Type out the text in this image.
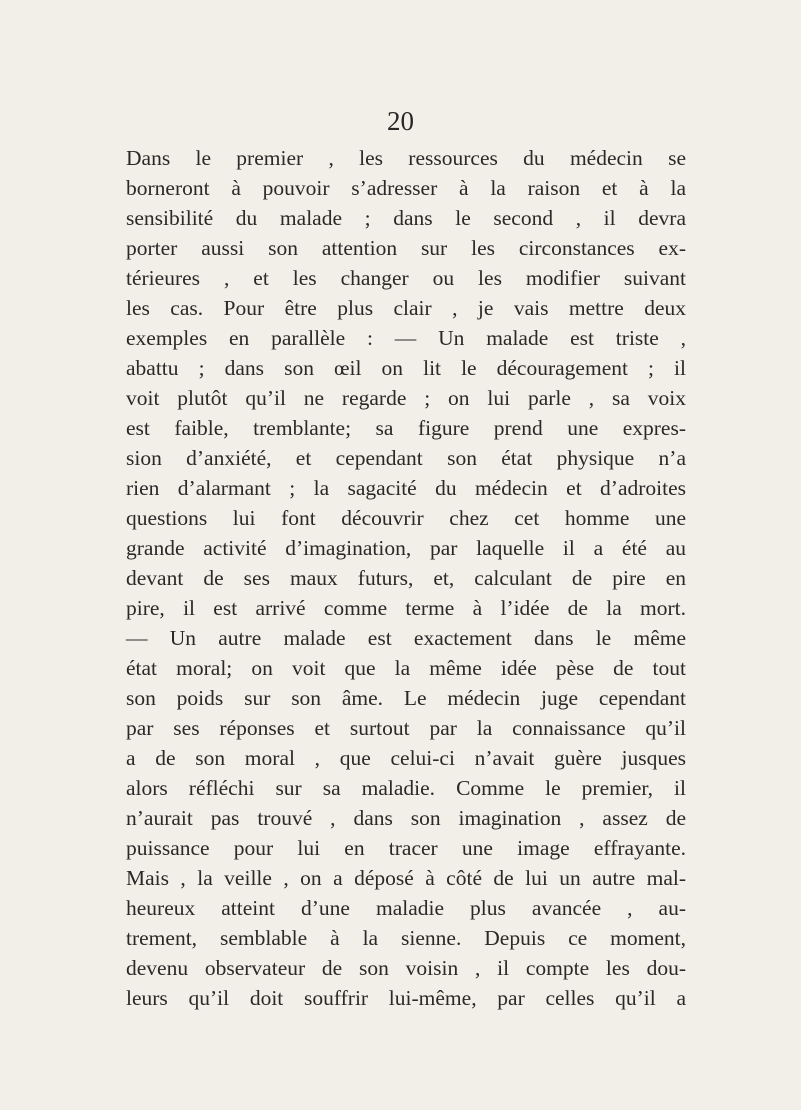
20
Dans le premier , les ressources du médecin se
borneront à pouvoir s’adresser à la raison et à la
sensibilité du malade ; dans le second , il devra
porter aussi son attention sur les circonstances ex-
térieures , et les changer ou les modifier suivant
les cas. Pour être plus clair , je vais mettre deux
exemples en parallèle : — Un malade est triste ,
abattu ; dans son œil on lit le découragement ; il
voit plutôt qu’il ne regarde ; on lui parle , sa voix
est faible, tremblante; sa figure prend une expres-
sion d’anxiété, et cependant son état physique n’a
rien d’alarmant ; la sagacité du médecin et d’adroites
questions lui font découvrir chez cet homme une
grande activité d’imagination, par laquelle il a été au
devant de ses maux futurs, et, calculant de pire en
pire, il est arrivé comme terme à l’idée de la mort.
— Un autre malade est exactement dans le même
état moral; on voit que la même idée pèse de tout
son poids sur son âme. Le médecin juge cependant
par ses réponses et surtout par la connaissance qu’il
a de son moral , que celui-ci n’avait guère jusques
alors réfléchi sur sa maladie. Comme le premier, il
n’aurait pas trouvé , dans son imagination , assez de
puissance pour lui en tracer une image effrayante.
Mais , la veille , on a déposé à côté de lui un autre mal-
heureux atteint d’une maladie plus avancée , au-
trement, semblable à la sienne. Depuis ce moment,
devenu observateur de son voisin , il compte les dou-
leurs qu’il doit souffrir lui-même, par celles qu’il a
